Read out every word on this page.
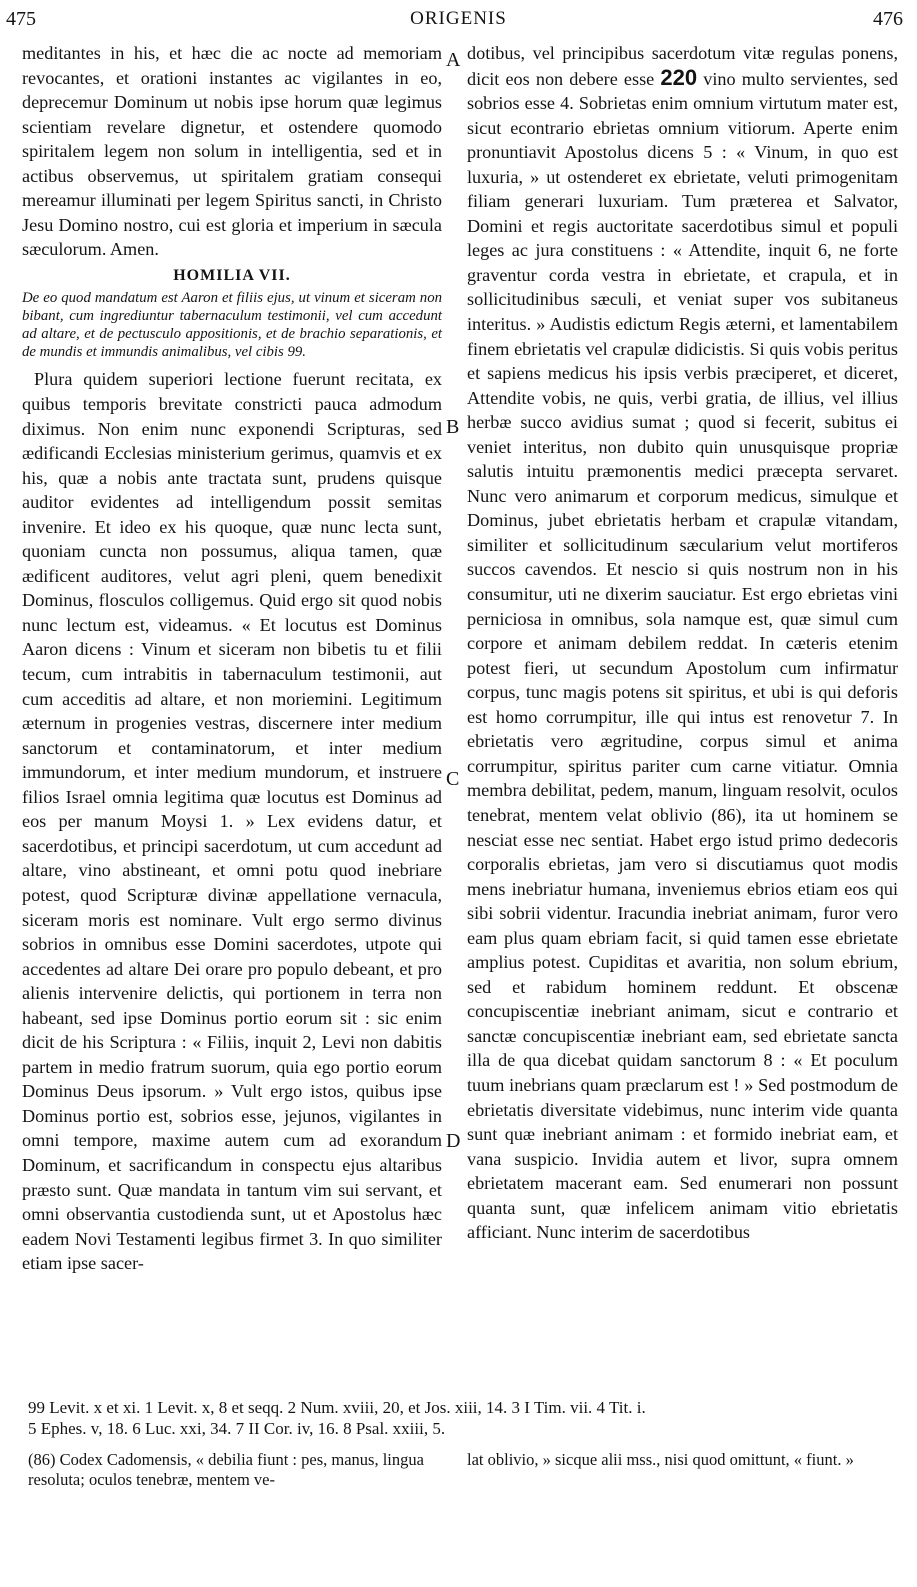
475	ORIGENIS	476

meditantes in his, et hæc die ac nocte ad memoriam revocantes, et orationi instantes ac vigilantes in eo, deprecemur Dominum ut nobis ipse horum quæ legimus scientiam revelare dignetur, et ostendere quomodo spiritalem legem non solum in intelligentia, sed et in actibus observemus, ut spiritalem gratiam consequi mereamur illuminati per legem Spiritus sancti, in Christo Jesu Domino nostro, cui est gloria et imperium in sæcula sæculorum. Amen.

HOMILIA VII.

De eo quod mandatum est Aaron et filiis ejus, ut vinum et siceram non bibant, cum ingrediuntur tabernaculum testimonii, vel cum accedunt ad altare, et de pectusculo appositionis, et de brachio separationis, et de mundis et immundis animalibus, vel cibis 99.

Plura quidem superiori lectione fuerunt recitata, ex quibus temporis brevitate constricti pauca admodum diximus. Non enim nunc exponendi Scripturas, sed ædificandi Ecclesias ministerium gerimus, quamvis et ex his, quæ a nobis ante tractata sunt, prudens quisque auditor evidentes ad intelligendum possit semitas invenire. Et ideo ex his quoque, quæ nunc lecta sunt, quoniam cuncta non possumus, aliqua tamen, quæ ædificent auditores, velut agri pleni, quem benedixit Dominus, flosculos colligemus. Quid ergo sit quod nobis nunc lectum est, videamus. « Et locutus est Dominus Aaron dicens : Vinum et siceram non bibetis tu et filii tecum, cum intrabitis in tabernaculum testimonii, aut cum acceditis ad altare, et non moriemini. Legitimum æternum in progenies vestras, discernere inter medium sanctorum et contaminatorum, et inter medium immundorum, et inter medium mundorum, et instruere filios Israel omnia legitima quæ locutus est Dominus ad eos per manum Moysi 1. » Lex evidens datur, et sacerdotibus, et principi sacerdotum, ut cum accedunt ad altare, vino abstineant, et omni potu quod inebriare potest, quod Scripturæ divinæ appellatione vernacula, siceram moris est nominare. Vult ergo sermo divinus sobrios in omnibus esse Domini sacerdotes, utpote qui accedentes ad altare Dei orare pro populo debeant, et pro alienis intervenire delictis, qui portionem in terra non habeant, sed ipse Dominus portio eorum sit : sic enim dicit de his Scriptura : « Filiis, inquit 2, Levi non dabitis partem in medio fratrum suorum, quia ego portio eorum Dominus Deus ipsorum. » Vult ergo istos, quibus ipse Dominus portio est, sobrios esse, jejunos, vigilantes in omni tempore, maxime autem cum ad exorandum Dominum, et sacrificandum in conspectu ejus altaribus præsto sunt. Quæ mandata in tantum vim sui servant, et omni observantia custodienda sunt, ut et Apostolus hæc eadem Novi Testamenti legibus firmet 3. In quo similiter etiam ipse sacer-

A
B
C
D

dotibus, vel principibus sacerdotum vitæ regulas ponens, dicit eos non debere esse 220 vino multo servientes, sed sobrios esse 4. Sobrietas enim omnium virtutum mater est, sicut econtrario ebrietas omnium vitiorum. Aperte enim pronuntiavit Apostolus dicens 5 : « Vinum, in quo est luxuria, » ut ostenderet ex ebrietate, veluti primogenitam filiam generari luxuriam. Tum præterea et Salvator, Domini et regis auctoritate sacerdotibus simul et populi leges ac jura constituens : « Attendite, inquit 6, ne forte graventur corda vestra in ebrietate, et crapula, et in sollicitudinibus sæculi, et veniat super vos subitaneus interitus. » Audistis edictum Regis æterni, et lamentabilem finem ebrietatis vel crapulæ didicistis. Si quis vobis peritus et sapiens medicus his ipsis verbis præciperet, et diceret, Attendite vobis, ne quis, verbi gratia, de illius, vel illius herbæ succo avidius sumat ; quod si fecerit, subitus ei veniet interitus, non dubito quin unusquisque propriæ salutis intuitu præmonentis medici præcepta servaret. Nunc vero animarum et corporum medicus, simulque et Dominus, jubet ebrietatis herbam et crapulæ vitandam, similiter et sollicitudinum sæcularium velut mortiferos succos cavendos. Et nescio si quis nostrum non in his consumitur, uti ne dixerim sauciatur. Est ergo ebrietas vini perniciosa in omnibus, sola namque est, quæ simul cum corpore et animam debilem reddat. In cæteris etenim potest fieri, ut secundum Apostolum cum infirmatur corpus, tunc magis potens sit spiritus, et ubi is qui deforis est homo corrumpitur, ille qui intus est renovetur 7. In ebrietatis vero ægritudine, corpus simul et anima corrumpitur, spiritus pariter cum carne vitiatur. Omnia membra debilitat, pedem, manum, linguam resolvit, oculos tenebrat, mentem velat oblivio (86), ita ut hominem se nesciat esse nec sentiat. Habet ergo istud primo dedecoris corporalis ebrietas, jam vero si discutiamus quot modis mens inebriatur humana, inveniemus ebrios etiam eos qui sibi sobrii videntur. Iracundia inebriat animam, furor vero eam plus quam ebriam facit, si quid tamen esse ebrietate amplius potest. Cupiditas et avaritia, non solum ebrium, sed et rabidum hominem reddunt. Et obscenæ concupiscentiæ inebriant animam, sicut e contrario et sanctæ concupiscentiæ inebriant eam, sed ebrietate sancta illa de qua dicebat quidam sanctorum 8 : « Et poculum tuum inebrians quam præclarum est ! » Sed postmodum de ebrietatis diversitate videbimus, nunc interim vide quanta sunt quæ inebriant animam : et formido inebriat eam, et vana suspicio. Invidia autem et livor, supra omnem ebrietatem macerant eam. Sed enumerari non possunt quanta sunt, quæ infelicem animam vitio ebrietatis afficiant. Nunc interim de sacerdotibus

99 Levit. x et xi. 1 Levit. x, 8 et seqq. 2 Num. xviii, 20, et Jos. xiii, 14. 3 I Tim. vii. 4 Tit. i.

5 Ephes. v, 18. 6 Luc. xxi, 34. 7 II Cor. iv, 16. 8 Psal. xxiii, 5.

(86) Codex Cadomensis, « debilia fiunt : pes, manus, lingua resoluta; oculos tenebræ, mentem ve-

lat oblivio, » sicque alii mss., nisi quod omittunt, « fiunt. »
